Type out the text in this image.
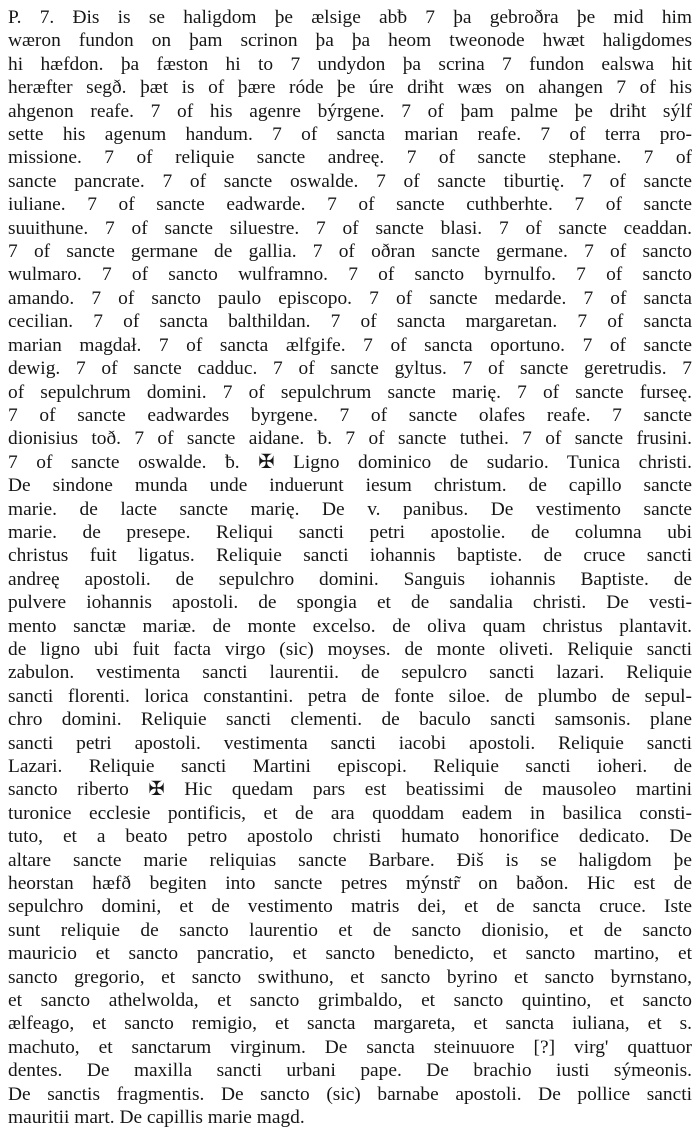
P. 7. Ðis is se haligdom þe ælsige abƀ 7 þa gebroðra þe mid him
wæron fundon on þam scrinon þa þa heom tweonode hwæt haligdomes
hi hæfdon. þa fæston hi to 7 undydon þa scrina 7 fundon ealswa hit
heræfter segð. þæt is of þære róde þe úre driħt wæs on ahangen 7 of his
ahgenon reafe. 7 of his agenre býrgene. 7 of þam palme þe driħt sýlf
sette his agenum handum. 7 of sancta marian reafe. 7 of terra pro-
missione. 7 of reliquie sancte andreę. 7 of sancte stephane. 7 of
sancte pancrate. 7 of sancte oswalde. 7 of sancte tiburtię. 7 of sancte
iuliane. 7 of sancte eadwarde. 7 of sancte cuthberhte. 7 of sancte
suuithune. 7 of sancte siluestre. 7 of sancte blasi. 7 of sancte ceaddan.
7 of sancte germane de gallia. 7 of oðran sancte germane. 7 of sancto
wulmaro. 7 of sancto wulframno. 7 of sancto byrnulfo. 7 of sancto
amando. 7 of sancto paulo episcopo. 7 of sancte medarde. 7 of sancta
cecilian. 7 of sancta balthildan. 7 of sancta margaretan. 7 of sancta
marian magdał. 7 of sancta ælfgife. 7 of sancta oportuno. 7 of sancte
dewig. 7 of sancte cadduc. 7 of sancte gyltus. 7 of sancte geretrudis. 7
of sepulchrum domini. 7 of sepulchrum sancte marię. 7 of sancte furseę.
7 of sancte eadwardes byrgene. 7 of sancte olafes reafe. 7 sancte
dionisius toð. 7 of sancte aidane. ƀ. 7 of sancte tuthei. 7 of sancte frusini.
7 of sancte oswalde. ƀ. ✠ Ligno dominico de sudario. Tunica christi.
De sindone munda unde induerunt iesum christum. de capillo sancte
marie. de lacte sancte marię. De v. panibus. De vestimento sancte
marie. de presepe. Reliqui sancti petri apostolie. de columna ubi
christus fuit ligatus. Reliquie sancti iohannis baptiste. de cruce sancti
andreę apostoli. de sepulchro domini. Sanguis iohannis Baptiste. de
pulvere iohannis apostoli. de spongia et de sandalia christi. De vesti-
mento sanctæ mariæ. de monte excelso. de oliva quam christus plantavit.
de ligno ubi fuit facta virgo (sic) moyses. de monte oliveti. Reliquie sancti
zabulon. vestimenta sancti laurentii. de sepulcro sancti lazari. Reliquie
sancti florenti. lorica constantini. petra de fonte siloe. de plumbo de sepul-
chro domini. Reliquie sancti clementi. de baculo sancti samsonis. plane
sancti petri apostoli. vestimenta sancti iacobi apostoli. Reliquie sancti
Lazari. Reliquie sancti Martini episcopi. Reliquie sancti ioheri. de
sancto riberto ✠ Hic quedam pars est beatissimi de mausoleo martini
turonice ecclesie pontificis, et de ara quoddam eadem in basilica consti-
tuto, et a beato petro apostolo christi humato honorifice dedicato. De
altare sancte marie reliquias sancte Barbare. Ðiš is se haligdom þe
heorstan hæfð begiten into sancte petres mýnstr̃ on baðon. Hic est de
sepulchro domini, et de vestimento matris dei, et de sancta cruce. Iste
sunt reliquie de sancto laurentio et de sancto dionisio, et de sancto
mauricio et sancto pancratio, et sancto benedicto, et sancto martino, et
sancto gregorio, et sancto swithuno, et sancto byrino et sancto byrnstano,
et sancto athelwolda, et sancto grimbaldo, et sancto quintino, et sancto
ælfeago, et sancto remigio, et sancta margareta, et sancta iuliana, et s.
machuto, et sanctarum virginum. De sancta steinuuore [?] virg' quattuor
dentes. De maxilla sancti urbani pape. De brachio iusti sýmeonis.
De sanctis fragmentis. De sancto (sic) barnabe apostoli. De pollice sancti
mauritii mart. De capillis marie magd.
